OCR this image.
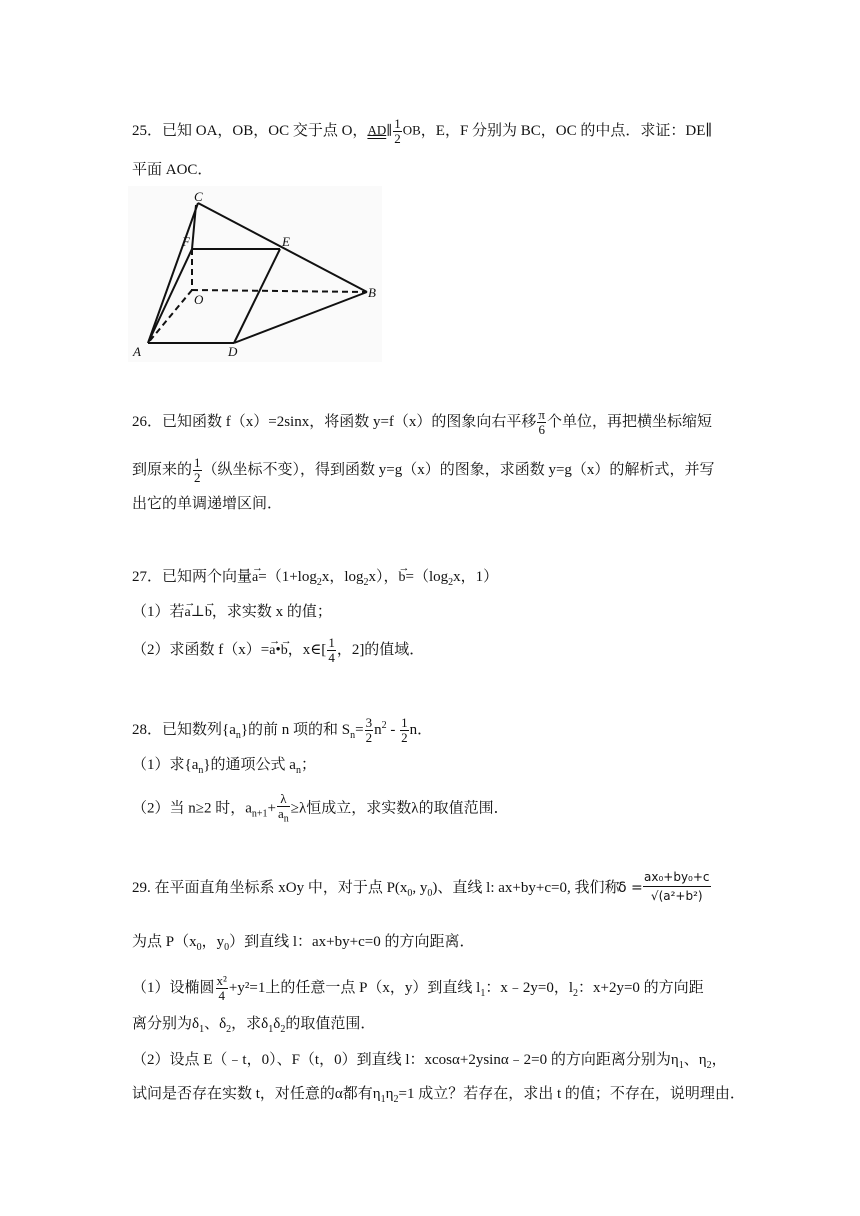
25．已知 OA，OB，OC 交于点 O，AD∥ $\frac{1}{2}$ OB，E，F 分别为 BC，OC 的中点．求证：DE∥
平面 AOC．
C
F	E
O	B
A	D
26．已知函数 f（x）=2sinx，将函数 y=f（x）的图象向右平移 $\frac{\pi}{6}$ 个单位，再把横坐标缩短
到原来的 $\frac{1}{2}$ （纵坐标不变），得到函数 y=g（x）的图象，求函数 y=g（x）的解析式，并写
出它的单调递增区间．
27．已知两个向量→ $a=(1+\log_2x$，$\log_2x$），→ $b=(\log_2x$，1）
（1）若→ a⊥→ b，求实数 x 的值；
（2）求函数 f（x）=→ a•→ b，x∈[ $\frac{1}{4}$ ，2]的值域．
28．已知数列$\{a_n\}$的前 n 项的和 $S_n= \frac{3}{2} n^2 - \frac{1}{2}$ n．
（1）求$\{a_n\}$的通项公式 $a_n$；
（2）当 n≥2 时，$a_{n+1}+ \frac{\lambda}{a_n} \ge\lambda$恒成立，求实数λ的取值范围．
29. 在平面直角坐标系 xOy 中，对于点 $P(x_0$, $y_0$)、直线 l: ax+by+c=0, 我们称
$\delta = \frac{\text{ax₀+by₀+c}}{\text{√(a²+b²)}}$
为点 $P(x_0$，$y_0$）到直线 l：ax+by+c=0 的方向距离．
（1）设椭圆 $\frac{\text{x²}}{4} +y^2=1$上的任意一点 P（x，y）到直线 $l_1$：x﹣2y=0，$l_2$：x+2y=0 的方向距
离分别为$\delta_1$、$\delta_2$，求$\delta_1\delta_2$的取值范围．
（2）设点 E（﹣t，0）、F（t，0）到直线 l：xcosα+2ysinα﹣2=0 的方向距离分别为$\eta_1$、$\eta_2$，
试问是否存在实数 t，对任意的α都有$\eta_1\eta_2=1$ 成立？若存在，求出 t 的值；不存在，说明理由．
